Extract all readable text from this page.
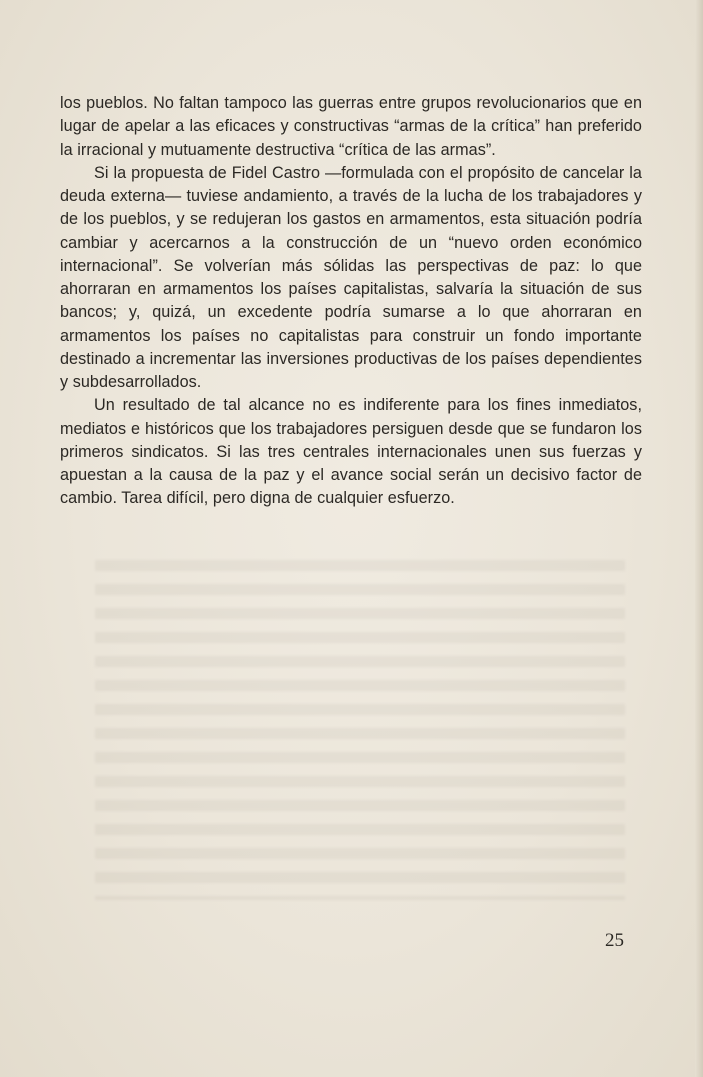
los pueblos. No faltan tampoco las guerras entre grupos revolucionarios que en lugar de apelar a las eficaces y constructivas “armas de la crítica” han preferido la irracional y mutuamente destructiva “crítica de las armas”.

Si la propuesta de Fidel Castro —formulada con el propósito de cancelar la deuda externa— tuviese andamiento, a través de la lucha de los trabajadores y de los pueblos, y se redujeran los gastos en armamentos, esta situación podría cambiar y acercarnos a la construcción de un “nuevo orden económico internacional”. Se volverían más sólidas las perspectivas de paz: lo que ahorraran en armamentos los países capitalistas, salvaría la situación de sus bancos; y, quizá, un excedente podría sumarse a lo que ahorraran en armamentos los países no capitalistas para construir un fondo importante destinado a incrementar las inversiones productivas de los países dependientes y subdesarrollados.

Un resultado de tal alcance no es indiferente para los fines inmediatos, mediatos e históricos que los trabajadores persiguen desde que se fundaron los primeros sindicatos. Si las tres centrales internacionales unen sus fuerzas y apuestan a la causa de la paz y el avance social serán un decisivo factor de cambio. Tarea difícil, pero digna de cualquier esfuerzo.

25
